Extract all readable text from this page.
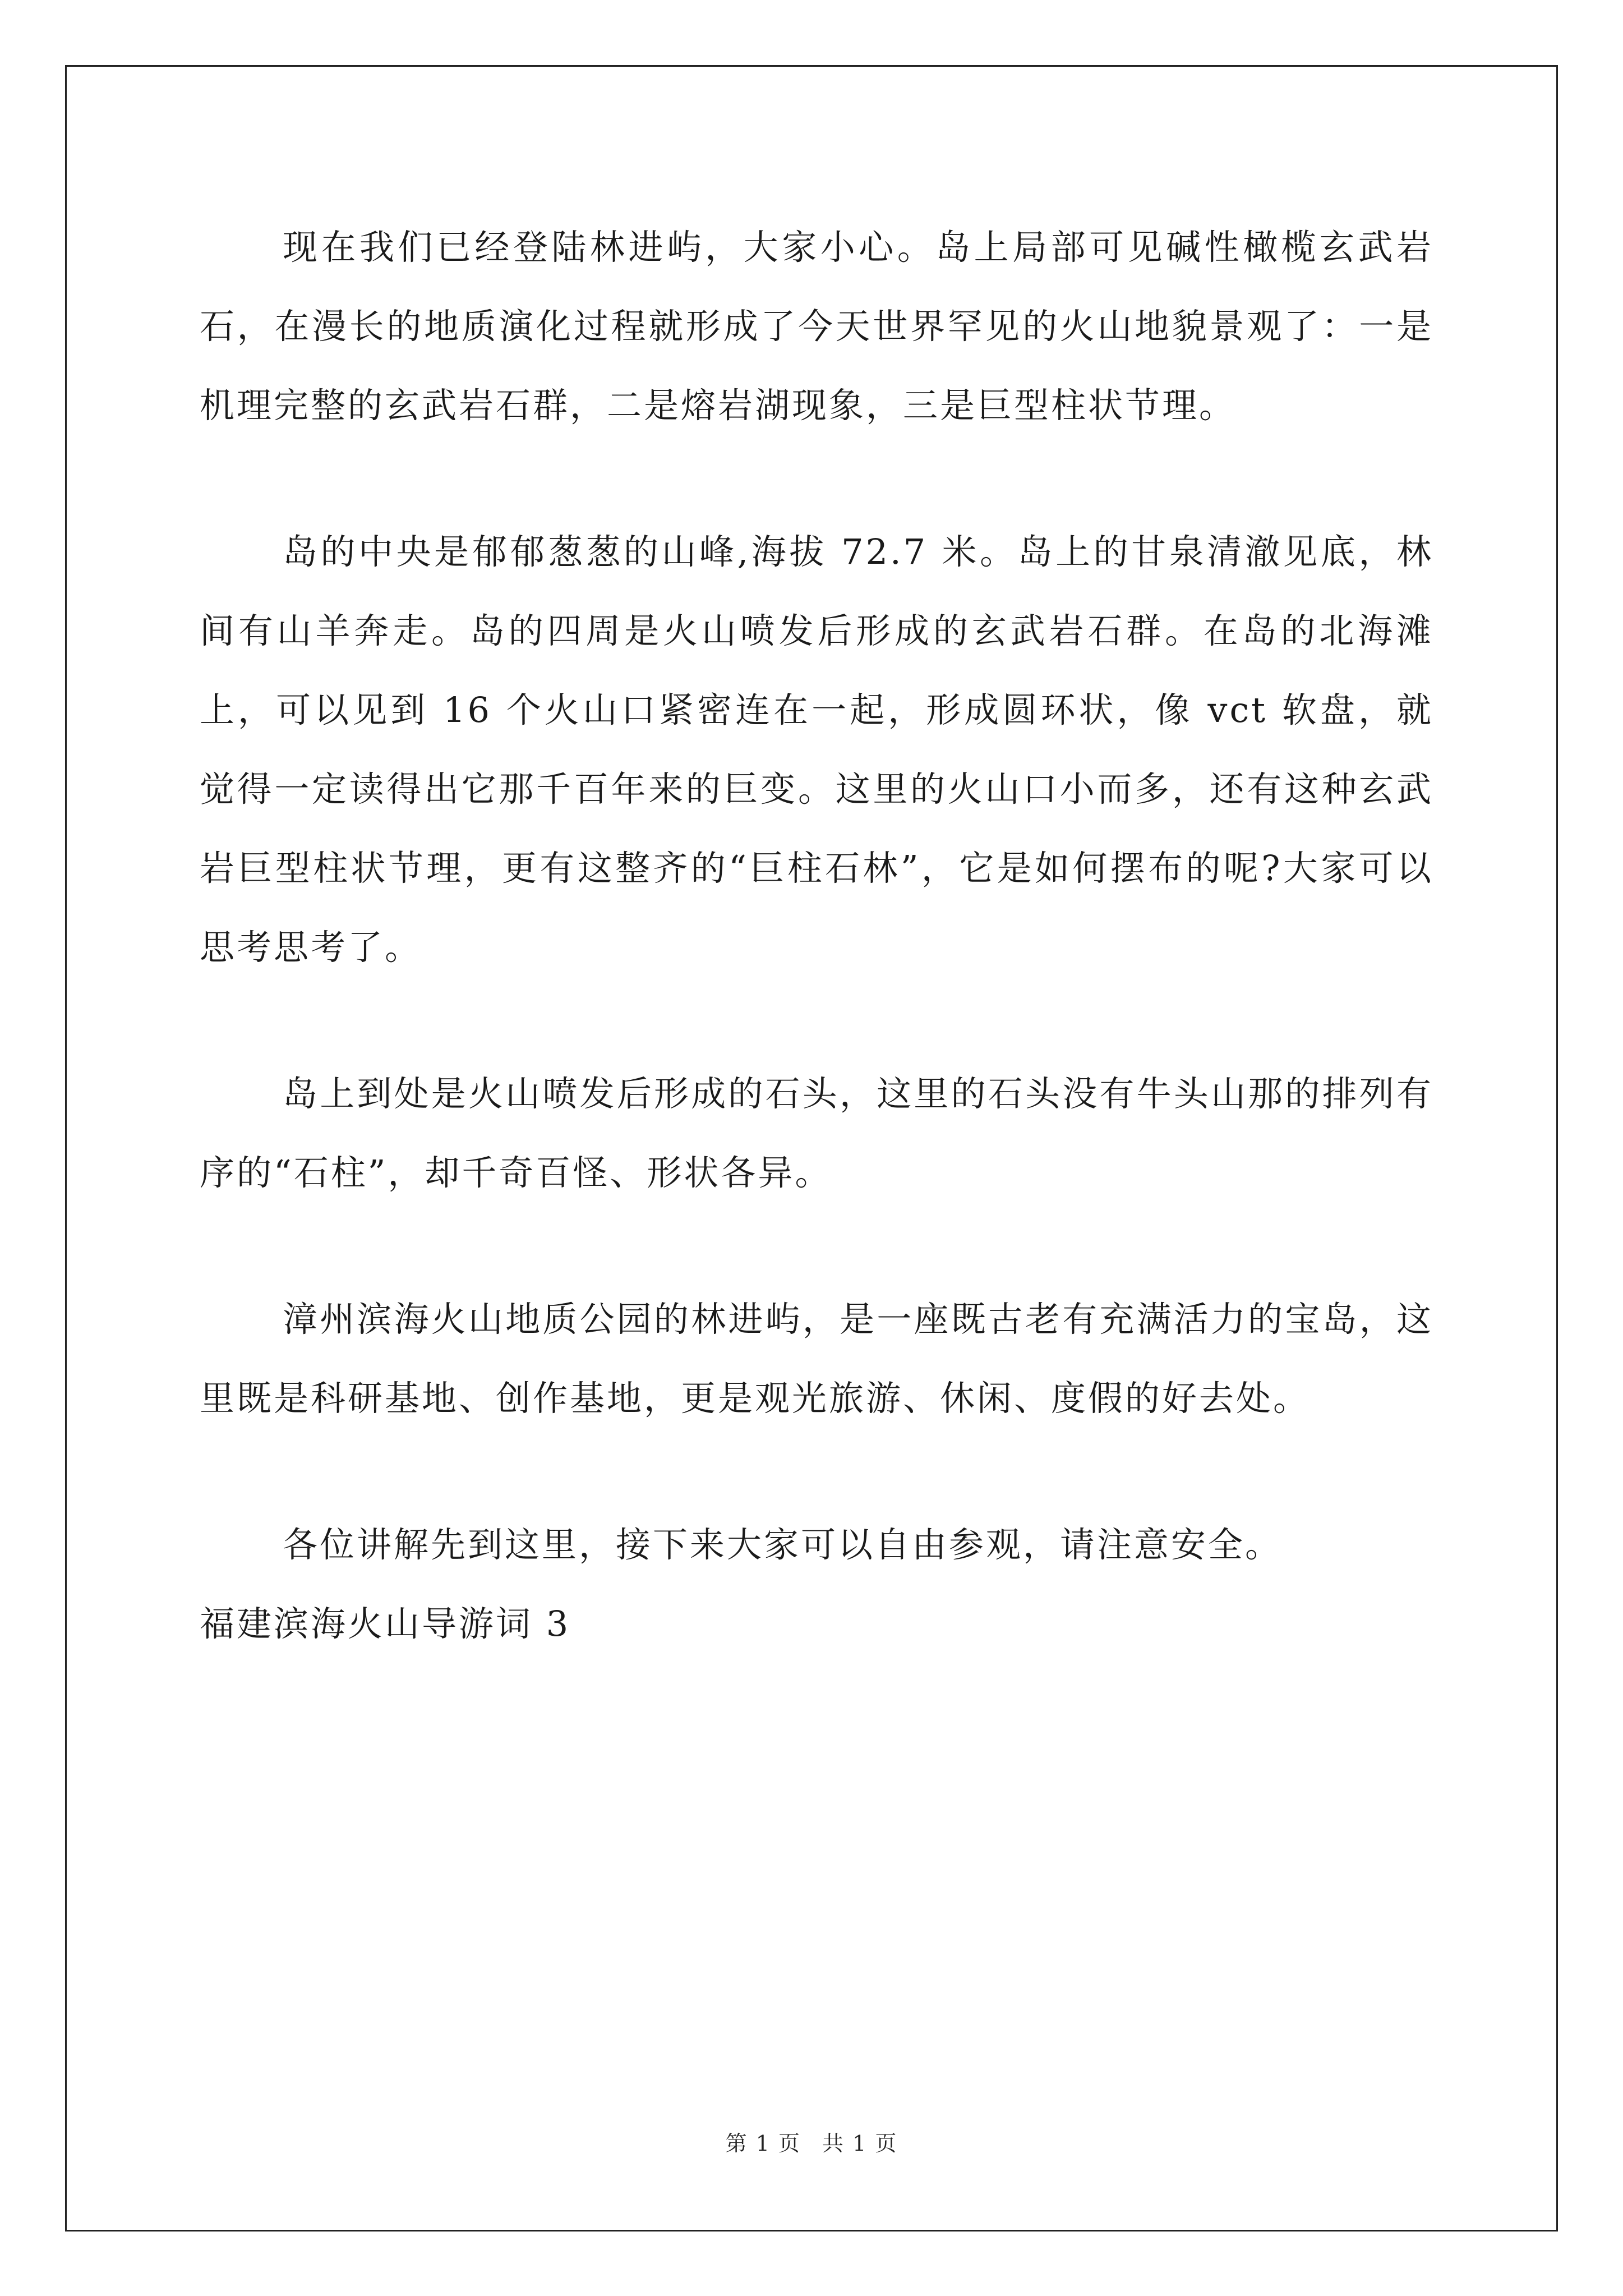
现在我们已经登陆林进屿，大家小心。岛上局部可见碱性橄榄玄武岩石，在漫长的地质演化过程就形成了今天世界罕见的火山地貌景观了：一是机理完整的玄武岩石群，二是熔岩湖现象，三是巨型柱状节理。

岛的中央是郁郁葱葱的山峰,海拔 72.7 米。岛上的甘泉清澈见底，林间有山羊奔走。岛的四周是火山喷发后形成的玄武岩石群。在岛的北海滩上，可以见到 16 个火山口紧密连在一起，形成圆环状，像 vct 软盘，就觉得一定读得出它那千百年来的巨变。这里的火山口小而多，还有这种玄武岩巨型柱状节理，更有这整齐的“巨柱石林”，它是如何摆布的呢?大家可以思考思考了。

岛上到处是火山喷发后形成的石头，这里的石头没有牛头山那的排列有序的“石柱”，却千奇百怪、形状各异。

漳州滨海火山地质公园的林进屿，是一座既古老有充满活力的宝岛，这里既是科研基地、创作基地，更是观光旅游、休闲、度假的好去处。

各位讲解先到这里，接下来大家可以自由参观，请注意安全。

福建滨海火山导游词 3

第 1 页 共 1 页
